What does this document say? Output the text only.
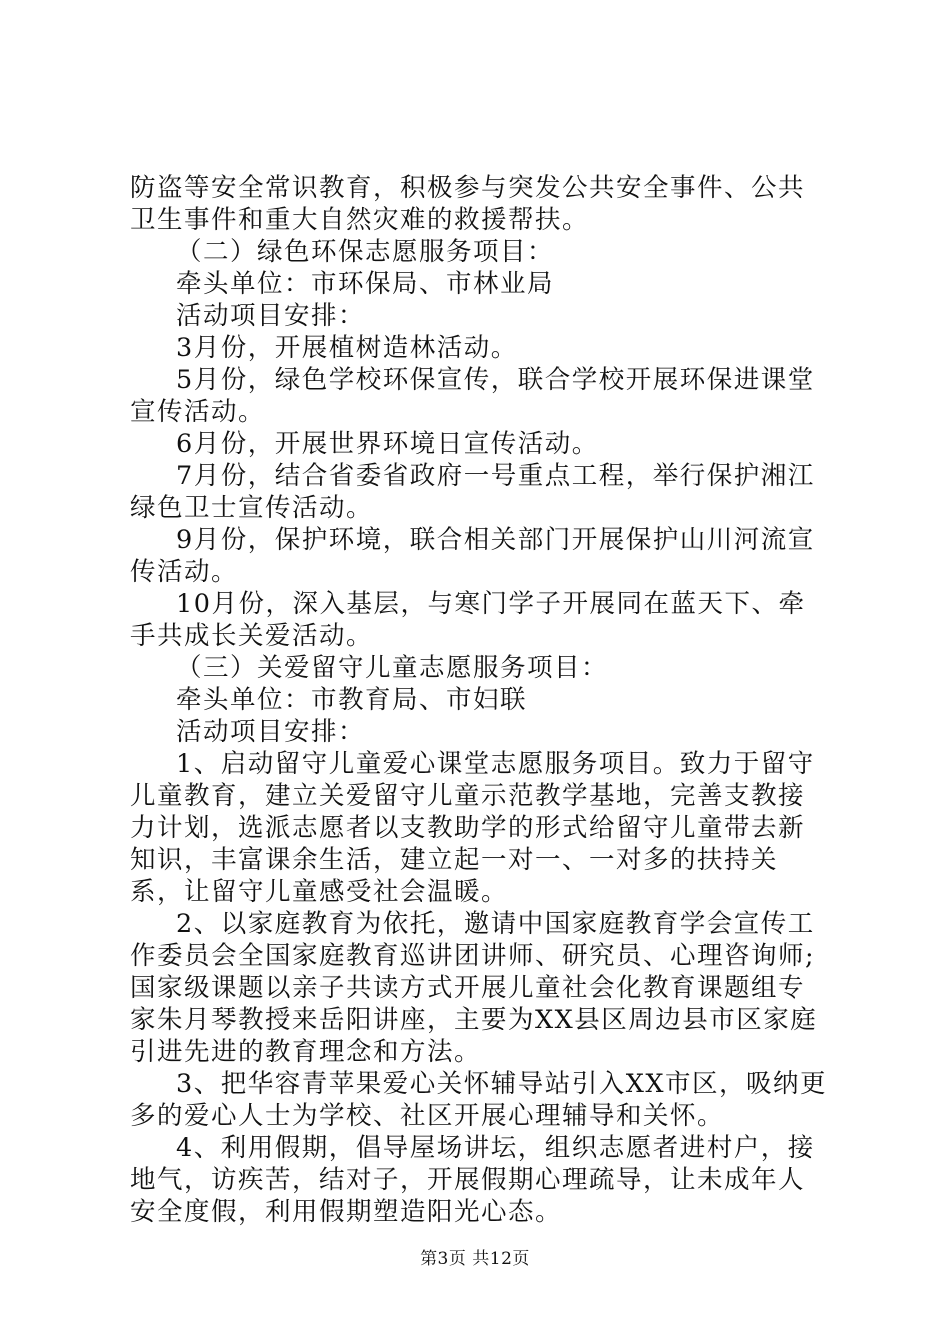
防盗等安全常识教育，积极参与突发公共安全事件、公共卫生事件和重大自然灾难的救援帮扶。

（二）绿色环保志愿服务项目：

牵头单位：市环保局、市林业局

活动项目安排：

3月份，开展植树造林活动。

5月份，绿色学校环保宣传，联合学校开展环保进课堂宣传活动。

6月份，开展世界环境日宣传活动。

7月份，结合省委省政府一号重点工程，举行保护湘江绿色卫士宣传活动。

9月份，保护环境，联合相关部门开展保护山川河流宣传活动。

10月份，深入基层，与寒门学子开展同在蓝天下、牵手共成长关爱活动。

（三）关爱留守儿童志愿服务项目：

牵头单位：市教育局、市妇联

活动项目安排：

1、启动留守儿童爱心课堂志愿服务项目。致力于留守儿童教育，建立关爱留守儿童示范教学基地，完善支教接力计划，选派志愿者以支教助学的形式给留守儿童带去新知识，丰富课余生活，建立起一对一、一对多的扶持关系，让留守儿童感受社会温暖。

2、以家庭教育为依托，邀请中国家庭教育学会宣传工作委员会全国家庭教育巡讲团讲师、研究员、心理咨询师;国家级课题以亲子共读方式开展儿童社会化教育课题组专家朱月琴教授来岳阳讲座，主要为XX县区周边县市区家庭引进先进的教育理念和方法。

3、把华容青苹果爱心关怀辅导站引入XX市区，吸纳更多的爱心人士为学校、社区开展心理辅导和关怀。

4、利用假期，倡导屋场讲坛，组织志愿者进村户，接地气，访疾苦，结对子，开展假期心理疏导，让未成年人安全度假，利用假期塑造阳光心态。

第3页 共12页
